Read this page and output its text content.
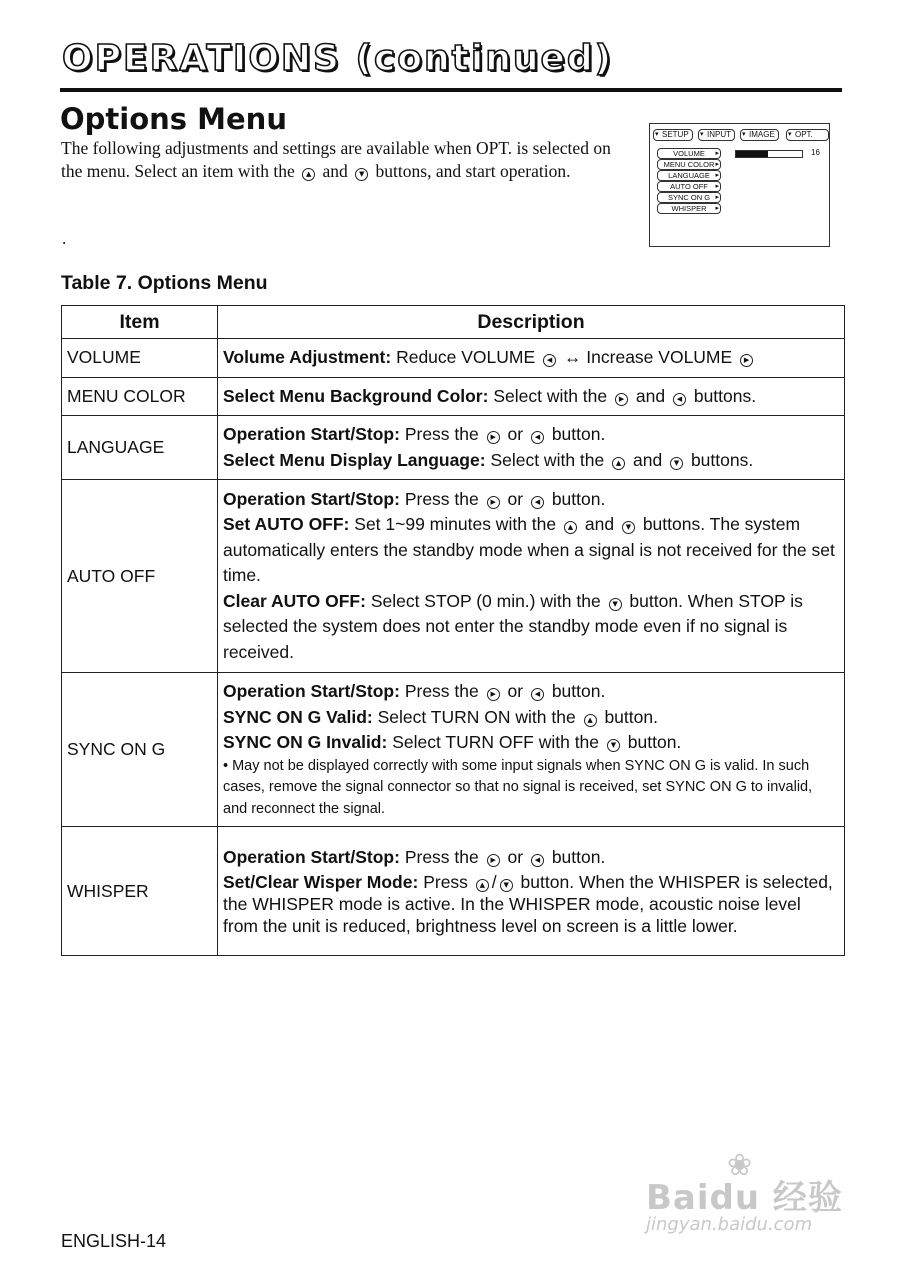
OPERATIONS (continued)
Options Menu
The following adjustments and settings are available when OPT. is selected on the menu. Select an item with the ▲ and ▼ buttons, and start operation.
.
▾ SETUP	▾ INPUT	▾ IMAGE	▾ OPT.
VOLUME ▸
MENU COLOR ▸
LANGUAGE ▸
AUTO OFF ▸
SYNC ON G ▸
WHISPER ▸
16
Table 7. Options Menu
Item	Description
VOLUME	Volume Adjustment: Reduce VOLUME ◀ ↔ Increase VOLUME ▶

MENU COLOR	Select Menu Background Color: Select with the ▶ and ◀ buttons.

LANGUAGE	Operation Start/Stop: Press the ▶ or ◀ button.
Select Menu Display Language: Select with the ▲ and ▼ buttons.

AUTO OFF	Operation Start/Stop: Press the ▶ or ◀ button.
Set AUTO OFF: Set 1~99 minutes with the ▲ and ▼ buttons. The system automatically enters the standby mode when a signal is not received for the set time.
Clear AUTO OFF: Select STOP (0 min.) with the ▼ button. When STOP is selected the system does not enter the standby mode even if no signal is received.

SYNC ON G	Operation Start/Stop: Press the ▶ or ◀ button.
SYNC ON G Valid: Select TURN ON with the ▲ button.
SYNC ON G Invalid: Select TURN OFF with the ▼ button.
• May not be displayed correctly with some input signals when SYNC ON G is valid. In such cases, remove the signal connector so that no signal is received, set SYNC ON G to invalid, and reconnect the signal.

WHISPER	Operation Start/Stop: Press the ▶ or ◀ button.
Set/Clear Wisper Mode: Press ▲ / ▼ button. When the WHISPER is selected, the WHISPER mode is active. In the WHISPER mode, acoustic noise level from the unit is reduced, brightness level on screen is a little lower.
ENGLISH-14
❀
Baidu 经验
jingyan.baidu.com
